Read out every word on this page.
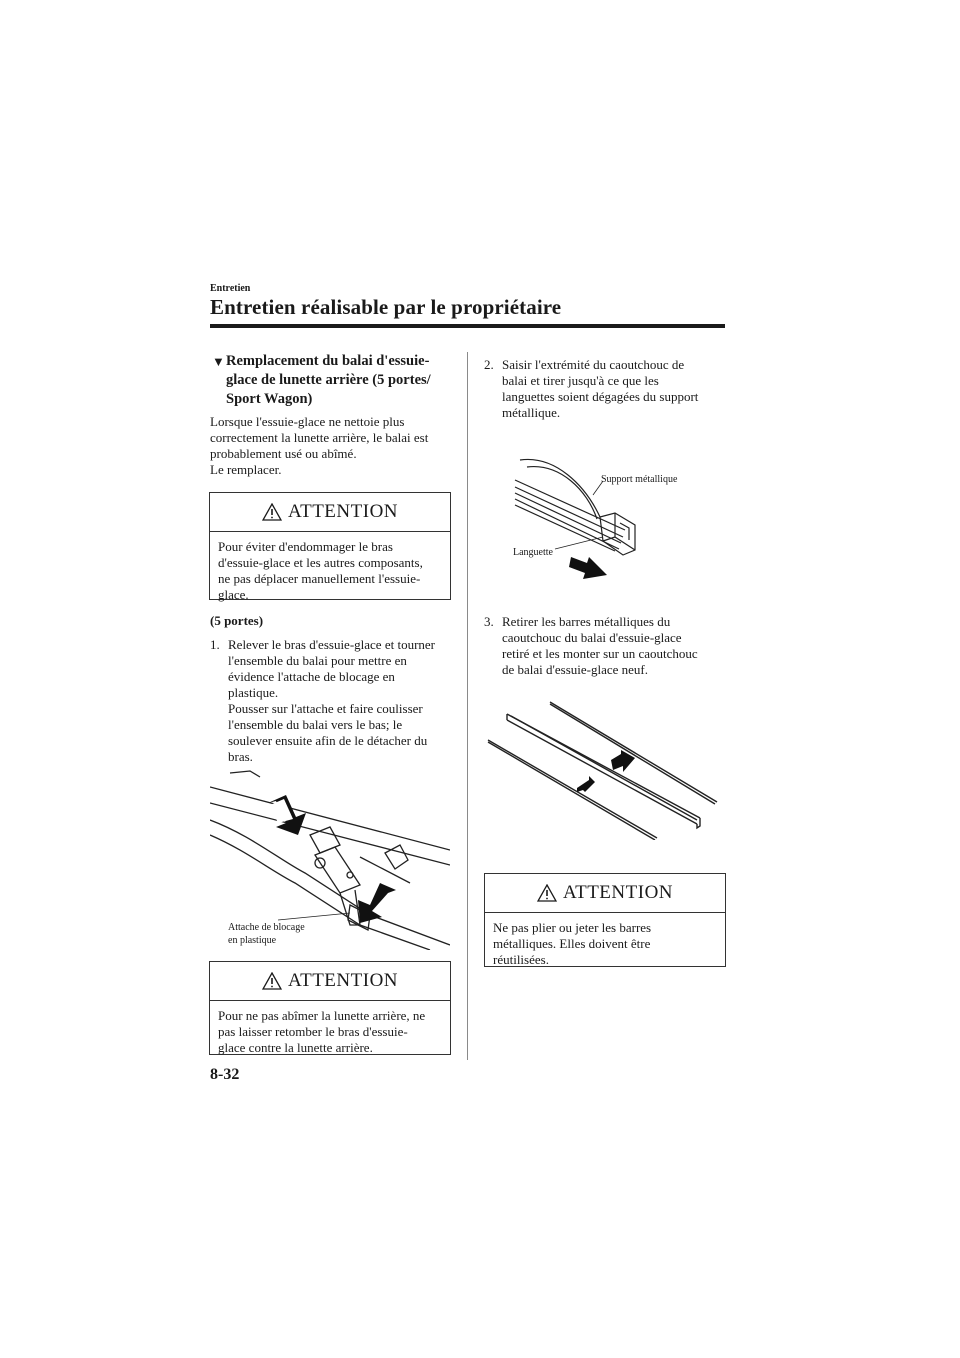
Entretien
Entretien réalisable par le propriétaire
▼ Remplacement du balai d'essuie-glace de lunette arrière (5 portes/ Sport Wagon)
Lorsque l'essuie-glace ne nettoie plus
correctement la lunette arrière, le balai est
probablement usé ou abîmé.
Le remplacer.
ATTENTION
Pour éviter d'endommager le bras
d'essuie-glace et les autres composants,
ne pas déplacer manuellement l'essuie-
glace.
(5 portes)
1. Relever le bras d'essuie-glace et tourner
l'ensemble du balai pour mettre en
évidence l'attache de blocage en
plastique.
Pousser sur l'attache et faire coulisser
l'ensemble du balai vers le bas; le
soulever ensuite afin de le détacher du
bras.
Attache de blocage
en plastique
ATTENTION
Pour ne pas abîmer la lunette arrière, ne
pas laisser retomber le bras d'essuie-
glace contre la lunette arrière.
2. Saisir l'extrémité du caoutchouc de
balai et tirer jusqu'à ce que les
languettes soient dégagées du support
métallique.
Support métallique
Languette
3. Retirer les barres métalliques du
caoutchouc du balai d'essuie-glace
retiré et les monter sur un caoutchouc
de balai d'essuie-glace neuf.
ATTENTION
Ne pas plier ou jeter les barres
métalliques. Elles doivent être
réutilisées.
8-32
